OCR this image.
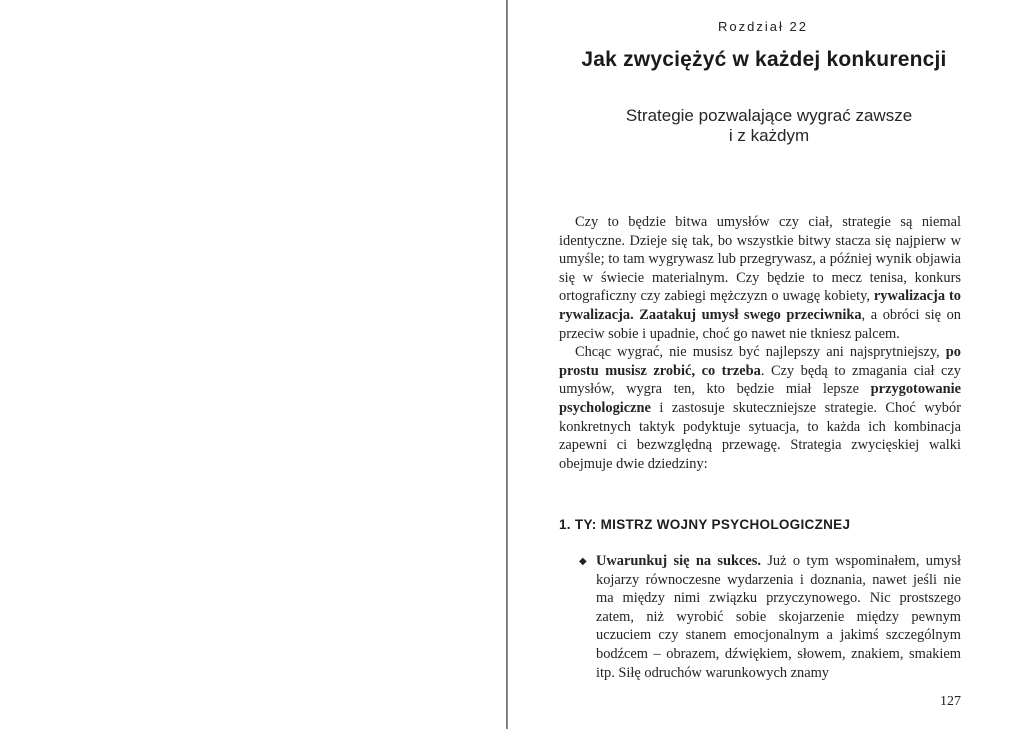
Rozdział 22
Jak zwyciężyć w każdej konkurencji
Strategie pozwalające wygrać zawsze
i z każdym

Czy to będzie bitwa umysłów czy ciał, strategie są niemal identyczne. Dzieje się tak, bo wszystkie bitwy stacza się najpierw w umyśle; to tam wygrywasz lub przegrywasz, a później wynik objawia się w świecie materialnym. Czy będzie to mecz tenisa, konkurs ortograficzny czy zabiegi mężczyzn o uwagę kobiety, rywalizacja to rywalizacja. Zaatakuj umysł swego przeciwnika, a obróci się on przeciw sobie i upadnie, choć go nawet nie tkniesz palcem.

Chcąc wygrać, nie musisz być najlepszy ani najsprytniejszy, po prostu musisz zrobić, co trzeba. Czy będą to zmagania ciał czy umysłów, wygra ten, kto będzie miał lepsze przygotowanie psychologiczne i zastosuje skuteczniejsze strategie. Choć wybór konkretnych taktyk podyktuje sytuacja, to każda ich kombinacja zapewni ci bezwzględną przewagę. Strategia zwycięskiej walki obejmuje dwie dziedziny:

1. TY: MISTRZ WOJNY PSYCHOLOGICZNEJ
◆ Uwarunkuj się na sukces. Już o tym wspominałem, umysł kojarzy równoczesne wydarzenia i doznania, nawet jeśli nie ma między nimi związku przyczynowego. Nic prostszego zatem, niż wyrobić sobie skojarzenie między pewnym uczuciem czy stanem emocjonalnym a jakimś szczególnym bodźcem – obrazem, dźwiękiem, słowem, znakiem, smakiem itp. Siłę odruchów warunkowych znamy
127
